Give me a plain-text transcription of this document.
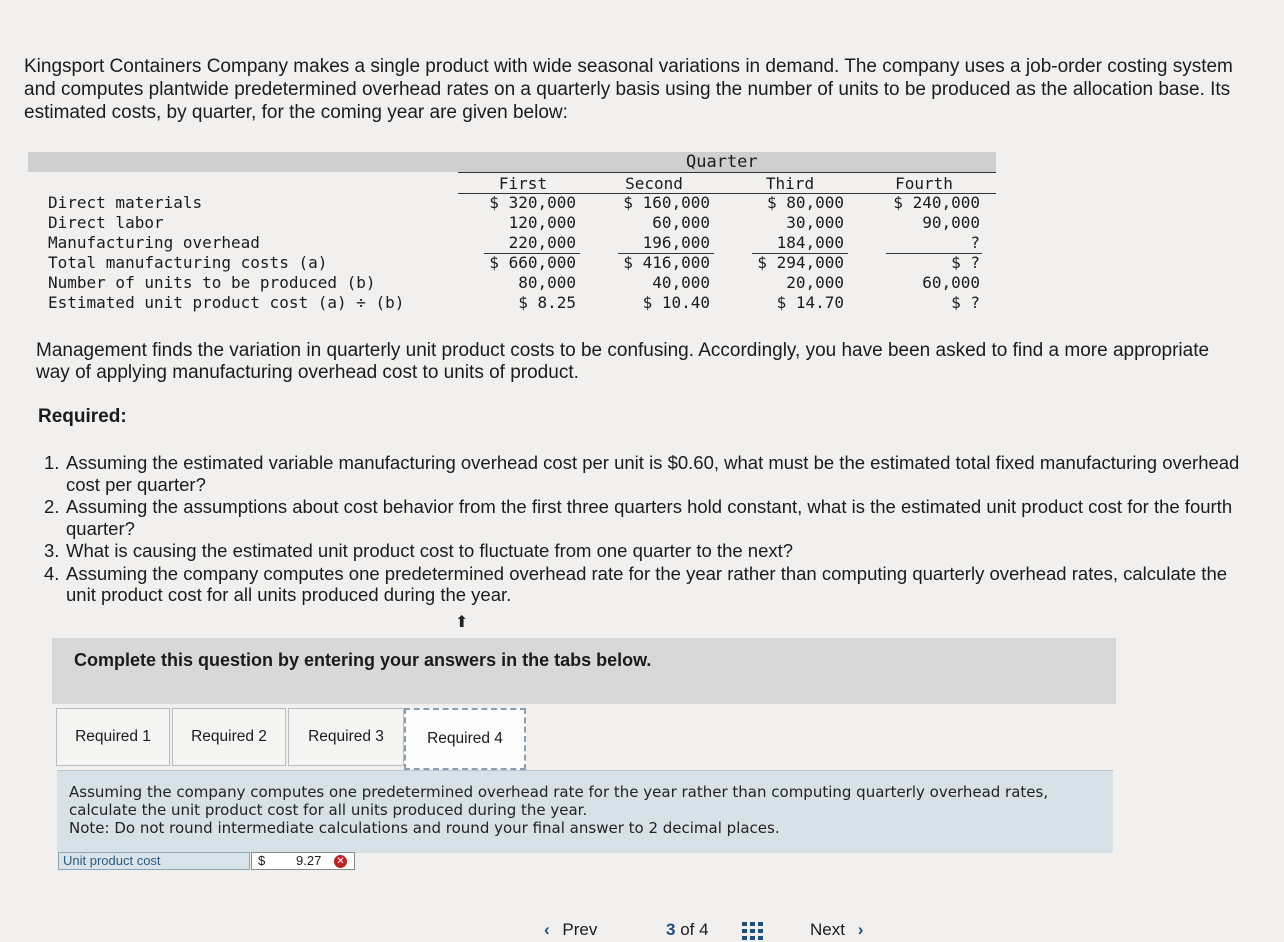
Kingsport Containers Company makes a single product with wide seasonal variations in demand. The company uses a job-order costing system and computes plantwide predetermined overhead rates on a quarterly basis using the number of units to be produced as the allocation base. Its estimated costs, by quarter, for the coming year are given below:
Quarter
First	Second	Third	Fourth
Direct materials	$ 320,000	$ 160,000	$ 80,000	$ 240,000
Direct labor	120,000	60,000	30,000	90,000
Manufacturing overhead	220,000	196,000	184,000	?
Total manufacturing costs (a)	$ 660,000	$ 416,000	$ 294,000	$ ?
Number of units to be produced (b)	80,000	40,000	20,000	60,000
Estimated unit product cost (a) ÷ (b)	$ 8.25	$ 10.40	$ 14.70	$ ?
Management finds the variation in quarterly unit product costs to be confusing. Accordingly, you have been asked to find a more appropriate way of applying manufacturing overhead cost to units of product.
Required:
1. Assuming the estimated variable manufacturing overhead cost per unit is $0.60, what must be the estimated total fixed manufacturing overhead cost per quarter?
2. Assuming the assumptions about cost behavior from the first three quarters hold constant, what is the estimated unit product cost for the fourth quarter?
3. What is causing the estimated unit product cost to fluctuate from one quarter to the next?
4. Assuming the company computes one predetermined overhead rate for the year rather than computing quarterly overhead rates, calculate the unit product cost for all units produced during the year.
⬆
Complete this question by entering your answers in the tabs below.
Required 1	Required 2	Required 3	Required 4
Assuming the company computes one predetermined overhead rate for the year rather than computing quarterly overhead rates, calculate the unit product cost for all units produced during the year.
Note: Do not round intermediate calculations and round your final answer to 2 decimal places.
Unit product cost	$ 9.27 ✕
‹ Prev	3 of 4	Next ›
